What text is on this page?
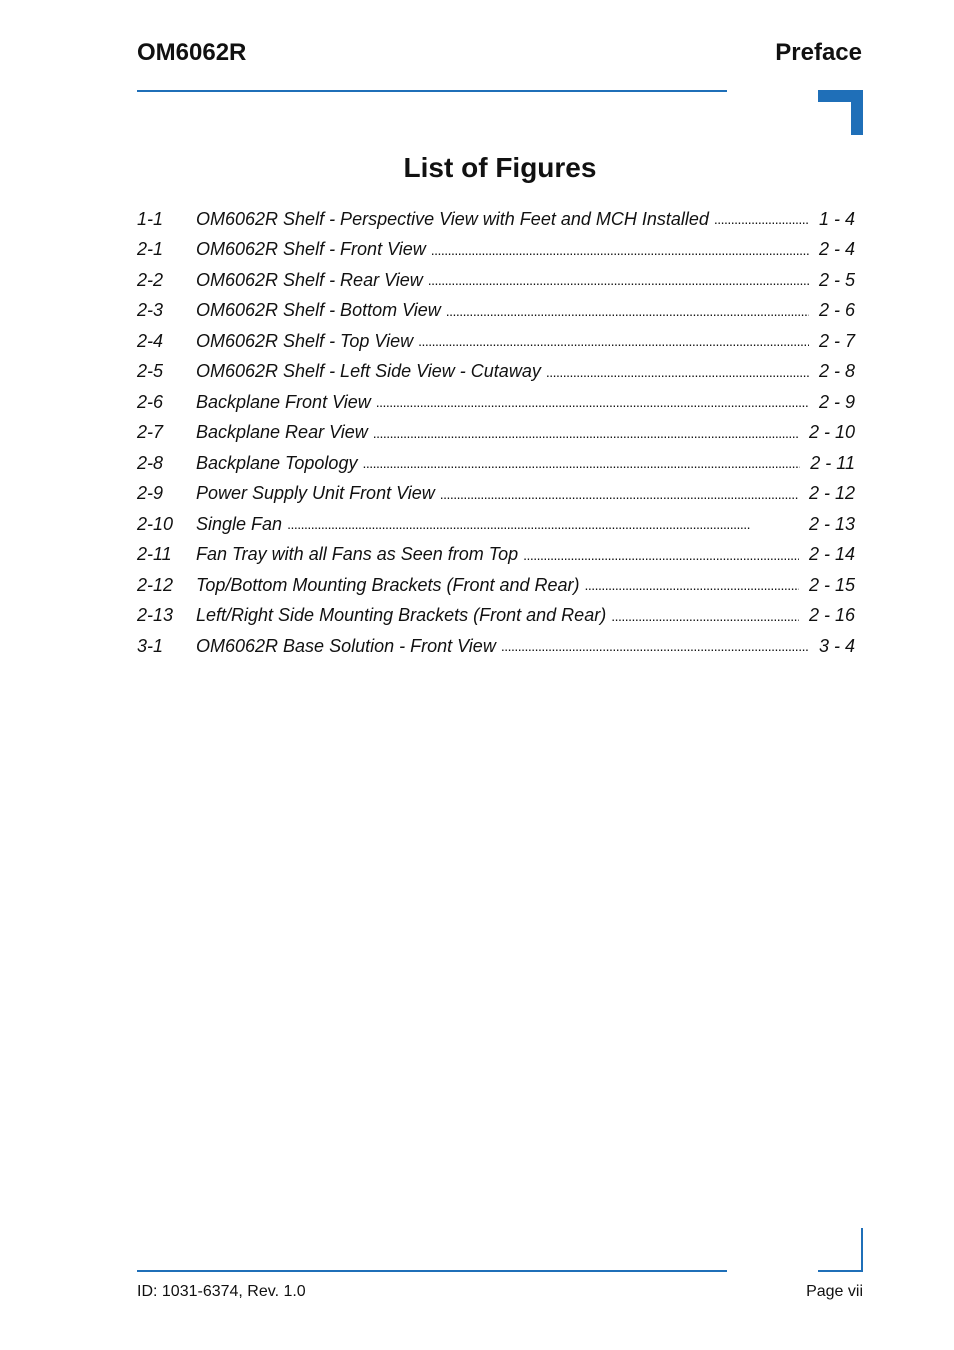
OM6062R	Preface
List of Figures
1-1	OM6062R Shelf - Perspective View with Feet and MCH Installed . . .	1 - 4
2-1	OM6062R Shelf - Front View . . .	2 - 4
2-2	OM6062R Shelf - Rear View . . .	2 - 5
2-3	OM6062R Shelf - Bottom View . . .	2 - 6
2-4	OM6062R Shelf - Top View . . .	2 - 7
2-5	OM6062R Shelf - Left Side View - Cutaway . . .	2 - 8
2-6	Backplane Front View . . .	2 - 9
2-7	Backplane Rear View . . .	2 - 10
2-8	Backplane Topology . . .	2 - 11
2-9	Power Supply Unit Front View . . .	2 - 12
2-10	Single Fan . . .	2 - 13
2-11	Fan Tray with all Fans as Seen from Top . . .	2 - 14
2-12	Top/Bottom Mounting Brackets (Front and Rear) . . .	2 - 15
2-13	Left/Right Side Mounting Brackets (Front and Rear) . . .	2 - 16
3-1	OM6062R Base Solution - Front View . . .	3 - 4
ID: 1031-6374, Rev. 1.0	Page vii
